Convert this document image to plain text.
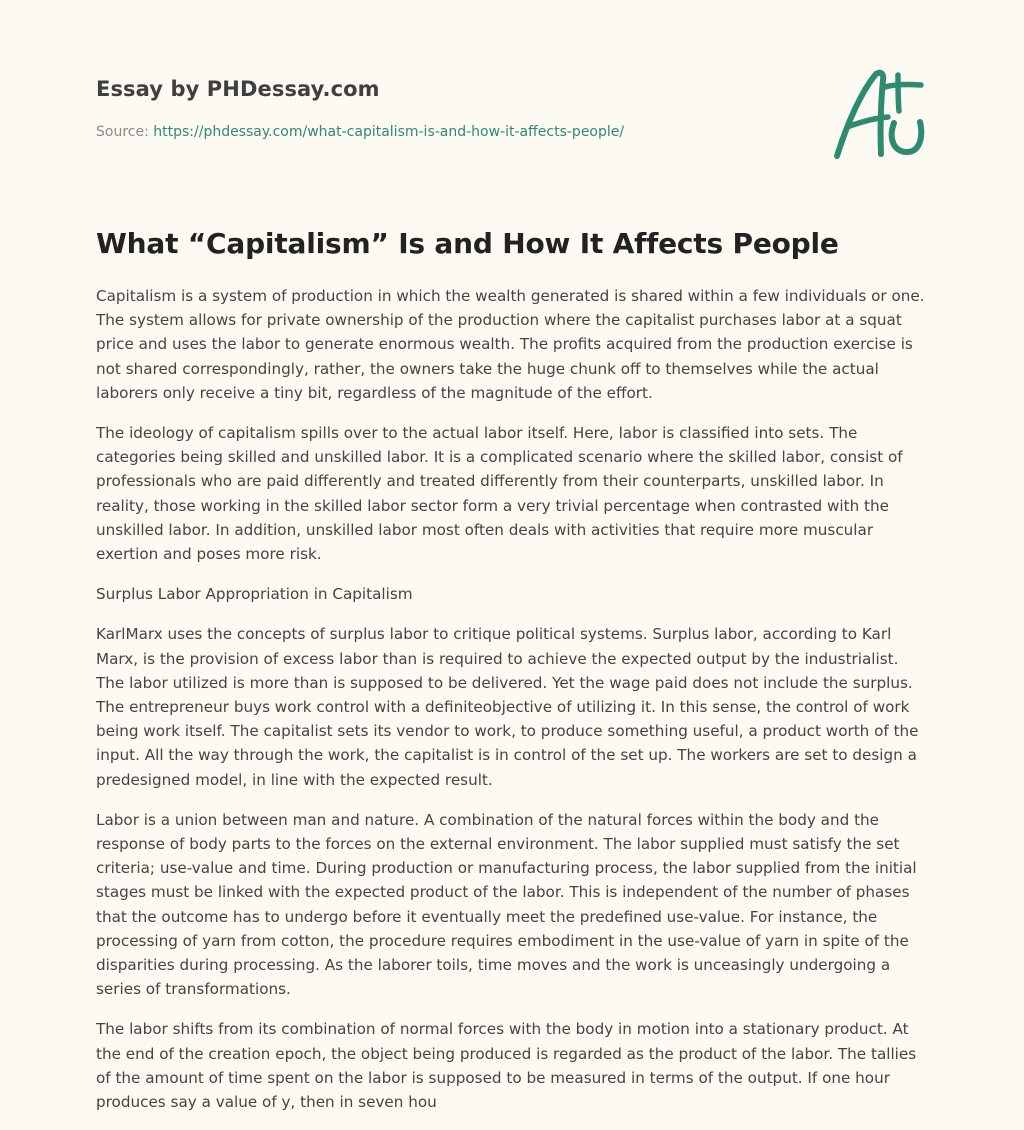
Essay by PHDessay.com
Source: https://phdessay.com/what-capitalism-is-and-how-it-affects-people/
What “Capitalism” Is and How It Affects People

Capitalism is a system of production in which the wealth generated is shared within a few individuals or one. The system allows for private ownership of the production where the capitalist purchases labor at a squat price and uses the labor to generate enormous wealth. The profits acquired from the production exercise is not shared correspondingly, rather, the owners take the huge chunk off to themselves while the actual laborers only receive a tiny bit, regardless of the magnitude of the effort.

The ideology of capitalism spills over to the actual labor itself. Here, labor is classified into sets. The categories being skilled and unskilled labor. It is a complicated scenario where the skilled labor, consist of professionals who are paid differently and treated differently from their counterparts, unskilled labor. In reality, those working in the skilled labor sector form a very trivial percentage when contrasted with the unskilled labor. In addition, unskilled labor most often deals with activities that require more muscular exertion and poses more risk.

Surplus Labor Appropriation in Capitalism

KarlMarx uses the concepts of surplus labor to critique political systems. Surplus labor, according to Karl Marx, is the provision of excess labor than is required to achieve the expected output by the industrialist. The labor utilized is more than is supposed to be delivered. Yet the wage paid does not include the surplus. The entrepreneur buys work control with a definiteobjective of utilizing it. In this sense, the control of work being work itself. The capitalist sets its vendor to work, to produce something useful, a product worth of the input. All the way through the work, the capitalist is in control of the set up. The workers are set to design a predesigned model, in line with the expected result.

Labor is a union between man and nature. A combination of the natural forces within the body and the response of body parts to the forces on the external environment. The labor supplied must satisfy the set criteria; use-value and time. During production or manufacturing process, the labor supplied from the initial stages must be linked with the expected product of the labor. This is independent of the number of phases that the outcome has to undergo before it eventually meet the predefined use-value. For instance, the processing of yarn from cotton, the procedure requires embodiment in the use-value of yarn in spite of the disparities during processing. As the laborer toils, time moves and the work is unceasingly undergoing a series of transformations.

The labor shifts from its combination of normal forces with the body in motion into a stationary product. At the end of the creation epoch, the object being produced is regarded as the product of the labor. The tallies of the amount of time spent on the labor is supposed to be measured in terms of the output. If one hour produces say a value of y, then in seven hou
